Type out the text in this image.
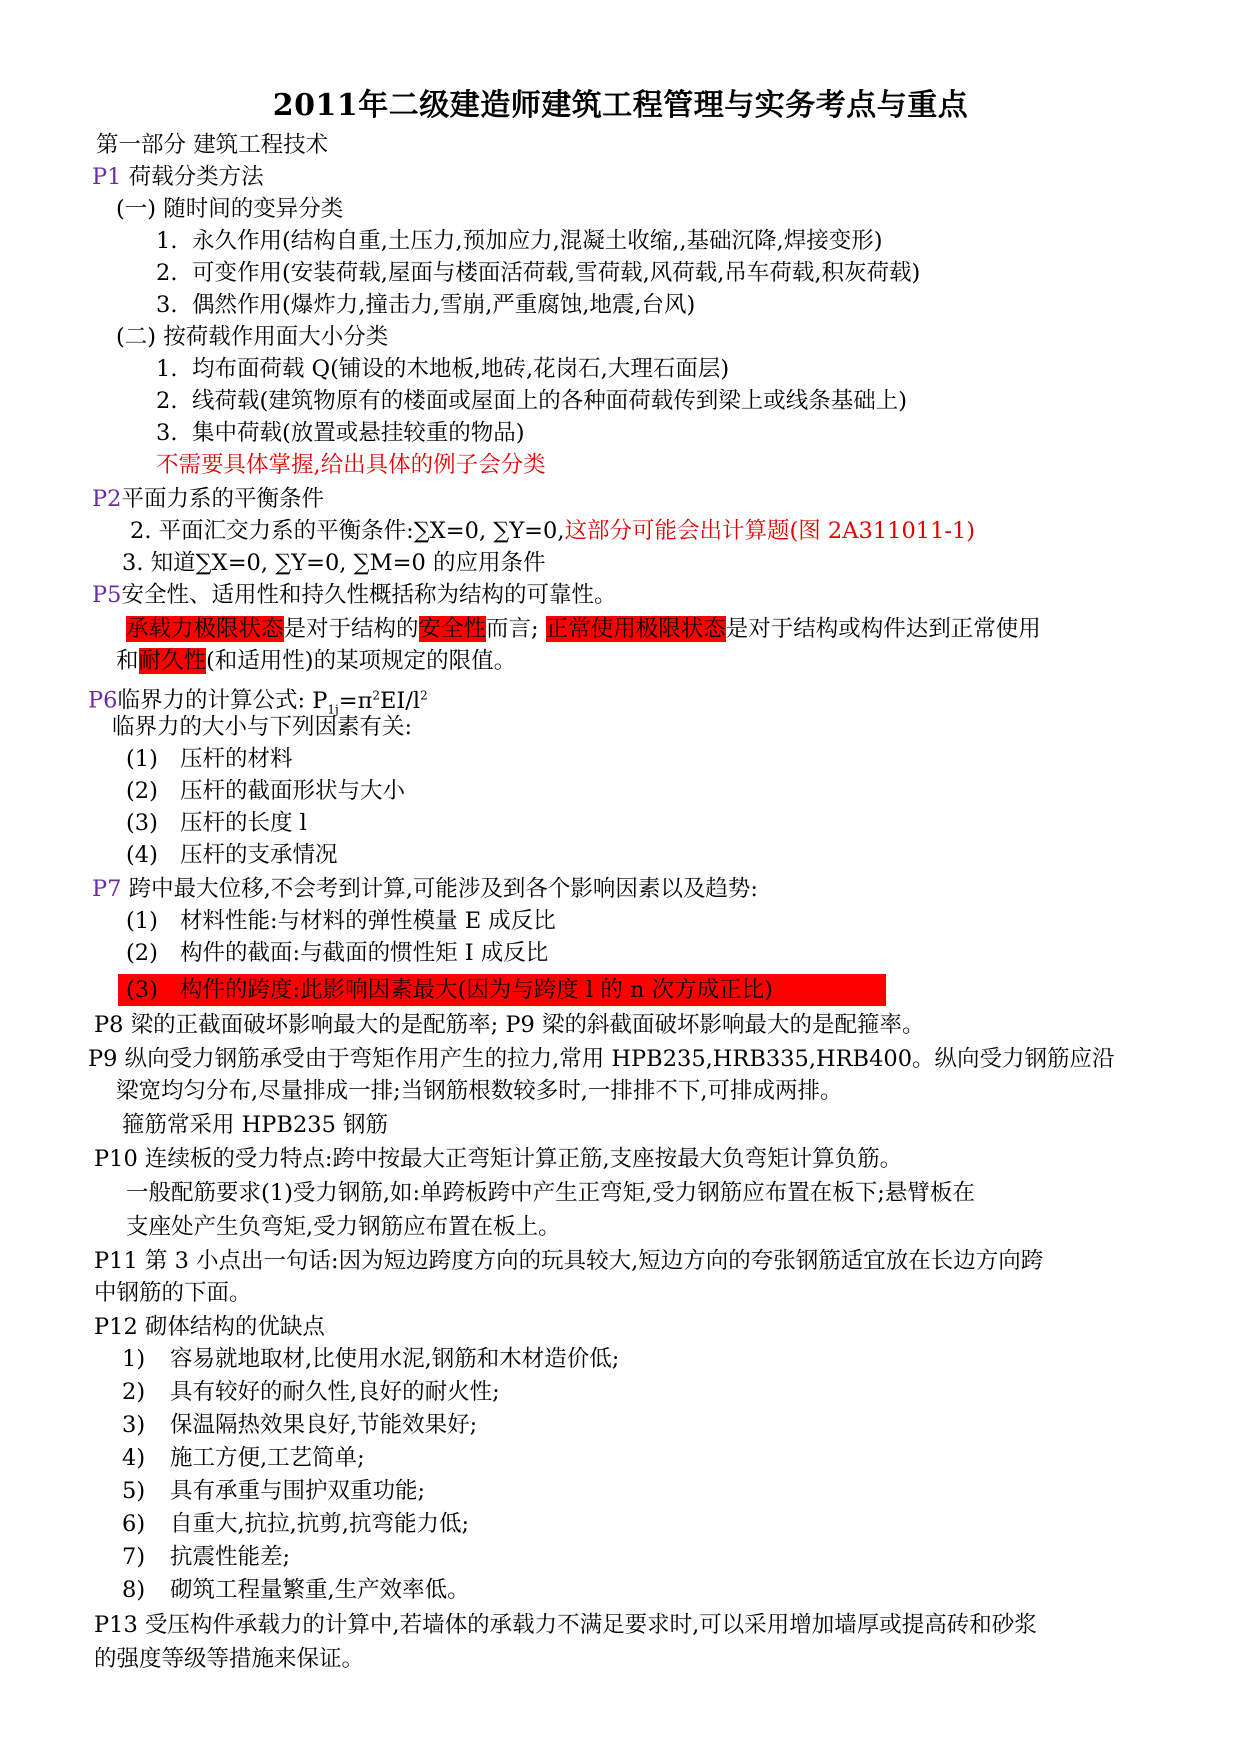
2011年二级建造师建筑工程管理与实务考点与重点
第一部分 建筑工程技术
P1 荷载分类方法
(一) 随时间的变异分类
1. 永久作用(结构自重,土压力,预加应力,混凝土收缩,,基础沉降,焊接变形)
2. 可变作用(安装荷载,屋面与楼面活荷载,雪荷载,风荷载,吊车荷载,积灰荷载)
3. 偶然作用(爆炸力,撞击力,雪崩,严重腐蚀,地震,台风)
(二) 按荷载作用面大小分类
1. 均布面荷载 Q(铺设的木地板,地砖,花岗石,大理石面层)
2. 线荷载(建筑物原有的楼面或屋面上的各种面荷载传到梁上或线条基础上)
3. 集中荷载(放置或悬挂较重的物品)
不需要具体掌握,给出具体的例子会分类
P2平面力系的平衡条件
2. 平面汇交力系的平衡条件:∑X=0, ∑Y=0,这部分可能会出计算题(图 2A311011-1)
3. 知道∑X=0, ∑Y=0, ∑M=0 的应用条件
P5安全性、适用性和持久性概括称为结构的可靠性。
承载力极限状态是对于结构的安全性而言; 正常使用极限状态是对于结构或构件达到正常使用
和耐久性(和适用性)的某项规定的限值。
P6临界力的计算公式: $P_{1j}=\pi^2EI/l^2$
临界力的大小与下列因素有关:
(1) 压杆的材料
(2) 压杆的截面形状与大小
(3) 压杆的长度 l
(4) 压杆的支承情况
P7 跨中最大位移,不会考到计算,可能涉及到各个影响因素以及趋势:
(1) 材料性能:与材料的弹性模量 E 成反比
(2) 构件的截面:与截面的惯性矩 I 成反比
(3) 构件的跨度:此影响因素最大(因为与跨度 l 的 n 次方成正比)
P8 梁的正截面破坏影响最大的是配筋率; P9 梁的斜截面破坏影响最大的是配箍率。
P9 纵向受力钢筋承受由于弯矩作用产生的拉力,常用 HPB235,HRB335,HRB400。纵向受力钢筋应沿
梁宽均匀分布,尽量排成一排;当钢筋根数较多时,一排排不下,可排成两排。
箍筋常采用 HPB235 钢筋
P10 连续板的受力特点:跨中按最大正弯矩计算正筋,支座按最大负弯矩计算负筋。
一般配筋要求(1)受力钢筋,如:单跨板跨中产生正弯矩,受力钢筋应布置在板下;悬臂板在
支座处产生负弯矩,受力钢筋应布置在板上。
P11 第 3 小点出一句话:因为短边跨度方向的玩具较大,短边方向的夸张钢筋适宜放在长边方向跨
中钢筋的下面。
P12 砌体结构的优缺点
1) 容易就地取材,比使用水泥,钢筋和木材造价低;
2) 具有较好的耐久性,良好的耐火性;
3) 保温隔热效果良好,节能效果好;
4) 施工方便,工艺简单;
5) 具有承重与围护双重功能;
6) 自重大,抗拉,抗剪,抗弯能力低;
7) 抗震性能差;
8) 砌筑工程量繁重,生产效率低。
P13 受压构件承载力的计算中,若墙体的承载力不满足要求时,可以采用增加墙厚或提高砖和砂浆
的强度等级等措施来保证。
